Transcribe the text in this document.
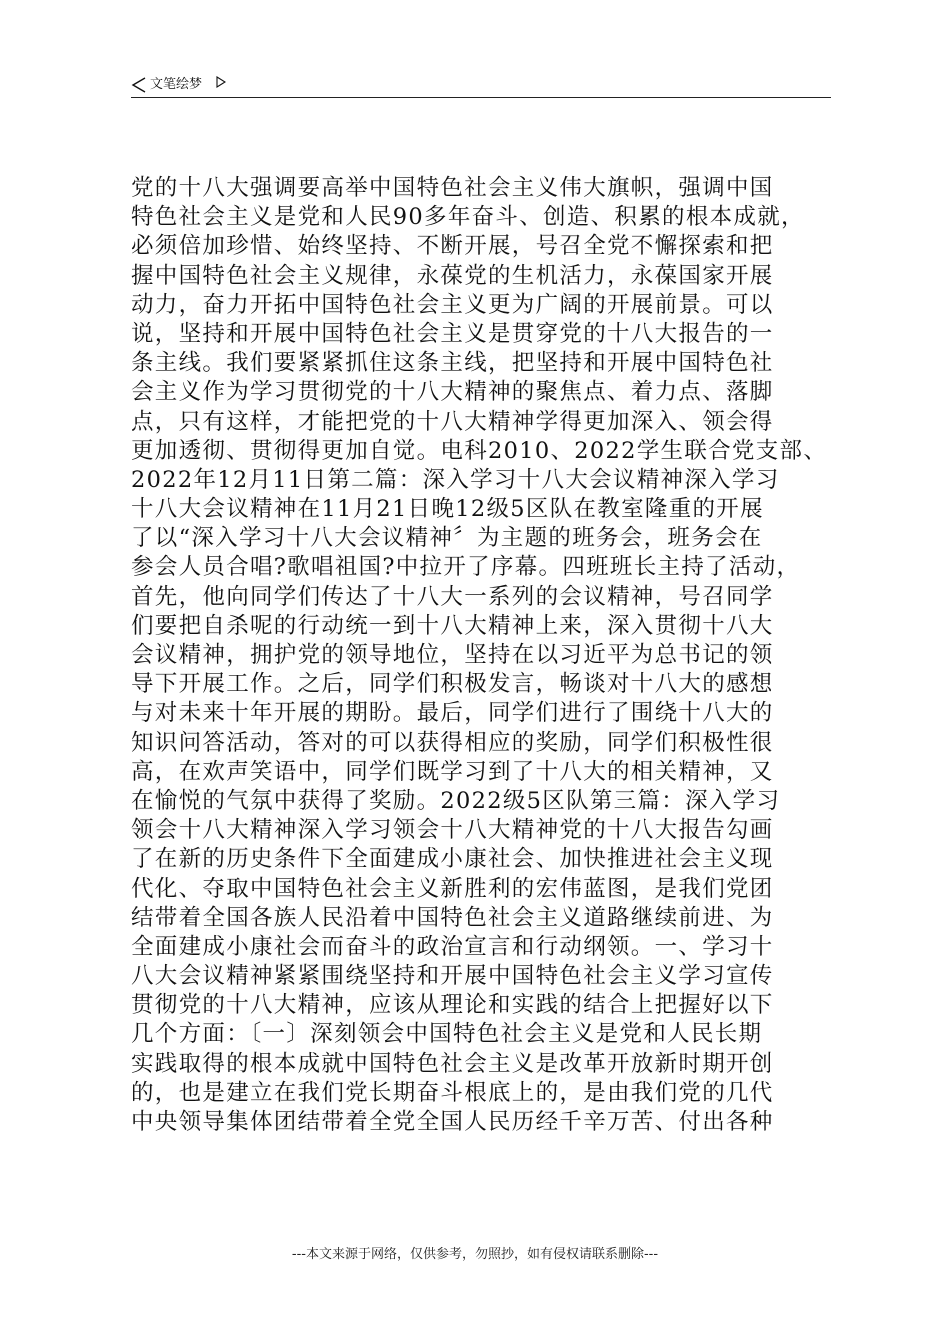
文笔绘梦
党的十八大强调要高举中国特色社会主义伟大旗帜，强调中国
特色社会主义是党和人民90多年奋斗、创造、积累的根本成就，
必须倍加珍惜、始终坚持、不断开展，号召全党不懈探索和把
握中国特色社会主义规律，永葆党的生机活力，永葆国家开展
动力，奋力开拓中国特色社会主义更为广阔的开展前景。可以
说，坚持和开展中国特色社会主义是贯穿党的十八大报告的一
条主线。我们要紧紧抓住这条主线，把坚持和开展中国特色社
会主义作为学习贯彻党的十八大精神的聚焦点、着力点、落脚
点，只有这样，才能把党的十八大精神学得更加深入、领会得
更加透彻、贯彻得更加自觉。电科2010、2022学生联合党支部、
2022年12月11日第二篇：深入学习十八大会议精神深入学习
十八大会议精神在11月21日晚12级5区队在教室隆重的开展
了以“深入学习十八大会议精神〞为主题的班务会，班务会在
参会人员合唱?歌唱祖国?中拉开了序幕。四班班长主持了活动，
首先，他向同学们传达了十八大一系列的会议精神，号召同学
们要把自杀呢的行动统一到十八大精神上来，深入贯彻十八大
会议精神，拥护党的领导地位，坚持在以习近平为总书记的领
导下开展工作。之后，同学们积极发言，畅谈对十八大的感想
与对未来十年开展的期盼。最后，同学们进行了围绕十八大的
知识问答活动，答对的可以获得相应的奖励，同学们积极性很
高，在欢声笑语中，同学们既学习到了十八大的相关精神，又
在愉悦的气氛中获得了奖励。2022级5区队第三篇：深入学习
领会十八大精神深入学习领会十八大精神党的十八大报告勾画
了在新的历史条件下全面建成小康社会、加快推进社会主义现
代化、夺取中国特色社会主义新胜利的宏伟蓝图，是我们党团
结带着全国各族人民沿着中国特色社会主义道路继续前进、为
全面建成小康社会而奋斗的政治宣言和行动纲领。一、学习十
八大会议精神紧紧围绕坚持和开展中国特色社会主义学习宣传
贯彻党的十八大精神，应该从理论和实践的结合上把握好以下
几个方面：〔一〕深刻领会中国特色社会主义是党和人民长期
实践取得的根本成就中国特色社会主义是改革开放新时期开创
的，也是建立在我们党长期奋斗根底上的，是由我们党的几代
中央领导集体团结带着全党全国人民历经千辛万苦、付出各种
---本文来源于网络，仅供参考，勿照抄，如有侵权请联系删除---
